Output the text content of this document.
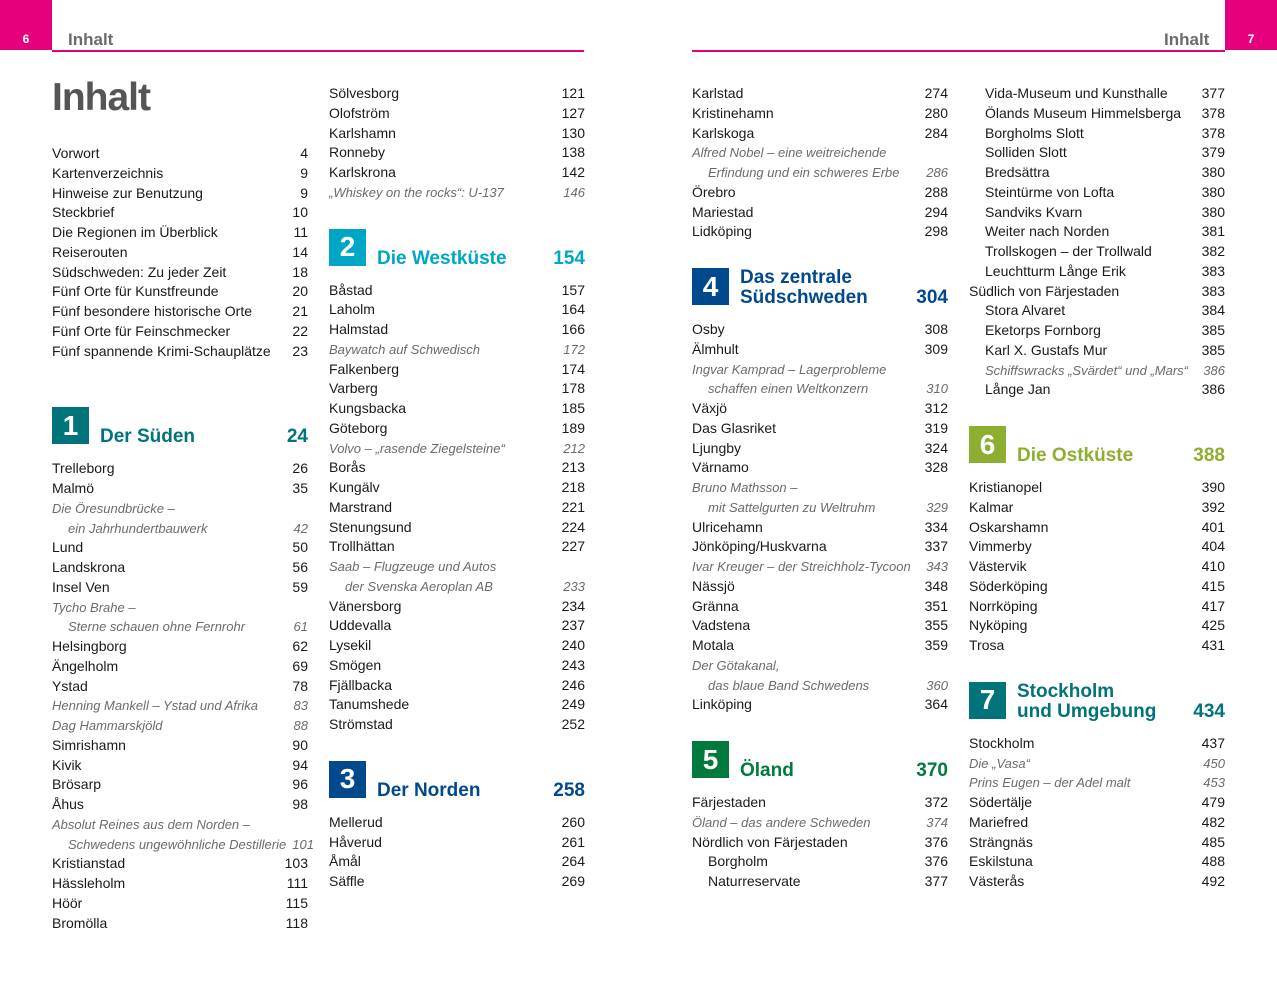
6	7
Inhalt	Inhalt
Inhalt
Vorwort	4
Kartenverzeichnis	9
Hinweise zur Benutzung	9
Steckbrief	10
Die Regionen im Überblick	11
Reiserouten	14
Südschweden: Zu jeder Zeit	18
Fünf Orte für Kunstfreunde	20
Fünf besondere historische Orte	21
Fünf Orte für Feinschmecker	22
Fünf spannende Krimi-Schauplätze	23
1	Der Süden	24
Trelleborg	26
Malmö	35
Die Öresundbrücke –
ein Jahrhundertbauwerk	42
Lund	50
Landskrona	56
Insel Ven	59
Tycho Brahe –
Sterne schauen ohne Fernrohr	61
Helsingborg	62
Ängelholm	69
Ystad	78
Henning Mankell – Ystad und Afrika	83
Dag Hammarskjöld	88
Simrishamn	90
Kivik	94
Brösarp	96
Åhus	98
Absolut Reines aus dem Norden –
Schwedens ungewöhnliche Destillerie 101
Kristianstad	103
Hässleholm	111
Höör	115
Bromölla	118
Sölvesborg	121
Olofström	127
Karlshamn	130
Ronneby	138
Karlskrona	142
„Whiskey on the rocks“: U-137	146
2	Die Westküste 154
Båstad	157
Laholm	164
Halmstad	166
Baywatch auf Schwedisch	172
Falkenberg	174
Varberg	178
Kungsbacka	185
Göteborg	189
Volvo – „rasende Ziegelsteine“	212
Borås	213
Kungälv	218
Marstrand	221
Stenungsund	224
Trollhättan	227
Saab – Flugzeuge und Autos
der Svenska Aeroplan AB	233
Vänersborg	234
Uddevalla	237
Lysekil	240
Smögen	243
Fjällbacka	246
Tanumshede	249
Strömstad	252
3	Der Norden	258
Mellerud	260
Håverud	261
Åmål	264
Säffle	269
Karlstad	274
Kristinehamn	280
Karlskoga	284
Alfred Nobel – eine weitreichende
Erfindung und ein schweres Erbe	286
Örebro	288
Mariestad	294
Lidköping	298
4	Das zentrale
Südschweden	304
Osby	308
Älmhult	309
Ingvar Kamprad – Lagerprobleme
schaffen einen Weltkonzern	310
Växjö	312
Das Glasriket	319
Ljungby	324
Värnamo	328
Bruno Mathsson –
mit Sattelgurten zu Weltruhm	329
Ulricehamn	334
Jönköping/Huskvarna	337
Ivar Kreuger – der Streichholz-Tycoon	343
Nässjö	348
Gränna	351
Vadstena	355
Motala	359
Der Götakanal,
das blaue Band Schwedens	360
Linköping	364
5	Öland	370
Färjestaden	372
Öland – das andere Schweden	374
Nördlich von Färjestaden	376
Borgholm	376
Naturreservate	377
Vida-Museum und Kunsthalle	377
Ölands Museum Himmelsberga	378
Borgholms Slott	378
Solliden Slott	379
Bredsättra	380
Steintürme von Lofta	380
Sandviks Kvarn	380
Weiter nach Norden	381
Trollskogen – der Trollwald	382
Leuchtturm Långe Erik	383
Südlich von Färjestaden	383
Stora Alvaret	384
Eketorps Fornborg	385
Karl X. Gustafs Mur	385
Schiffswracks „Svärdet“ und „Mars“	386
Långe Jan	386
6	Die Ostküste	388
Kristianopel	390
Kalmar	392
Oskarshamn	401
Vimmerby	404
Västervik	410
Söderköping	415
Norrköping	417
Nyköping	425
Trosa	431
7	Stockholm
und Umgebung 434
Stockholm	437
Die „Vasa“	450
Prins Eugen – der Adel malt	453
Södertälje	479
Mariefred	482
Strängnäs	485
Eskilstuna	488
Västerås	492
